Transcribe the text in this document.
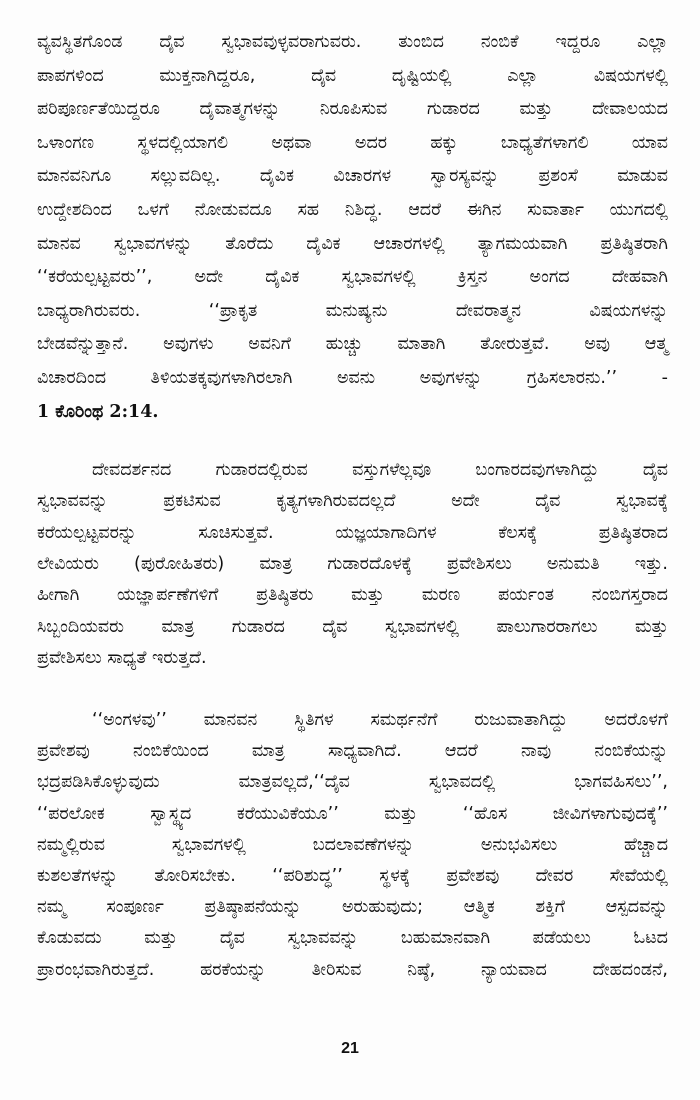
ವ್ಯವಸ್ಥಿತಗೊಂಡ ದೈವ ಸ್ವಭಾವವುಳ್ಳವರಾಗುವರು. ತುಂಬಿದ ನಂಬಿಕೆ ಇದ್ದರೂ ಎಲ್ಲಾ
ಪಾಪಗಳಿಂದ ಮುಕ್ತನಾಗಿದ್ದರೂ, ದೈವ ದೃಷ್ಟಿಯಲ್ಲಿ ಎಲ್ಲಾ ವಿಷಯಗಳಲ್ಲಿ
ಪರಿಪೂರ್ಣತೆಯಿದ್ದರೂ ದೈವಾತ್ಮಗಳನ್ನು ನಿರೂಪಿಸುವ ಗುಡಾರದ ಮತ್ತು ದೇವಾಲಯದ
ಒಳಾಂಗಣ ಸ್ಥಳದಲ್ಲಿಯಾಗಲಿ ಅಥವಾ ಅದರ ಹಕ್ಕು ಬಾಧ್ಯತೆಗಳಾಗಲಿ ಯಾವ
ಮಾನವನಿಗೂ ಸಲ್ಲುವದಿಲ್ಲ. ದೈವಿಕ ವಿಚಾರಗಳ ಸ್ವಾರಸ್ಯವನ್ನು ಪ್ರಶಂಸೆ ಮಾಡುವ
ಉದ್ದೇಶದಿಂದ ಒಳಗೆ ನೋಡುವದೂ ಸಹ ನಿಶಿದ್ಧ. ಆದರೆ ಈಗಿನ ಸುವಾರ್ತಾ ಯುಗದಲ್ಲಿ
ಮಾನವ ಸ್ವಭಾವಗಳನ್ನು ತೊರೆದು ದೈವಿಕ ಆಚಾರಗಳಲ್ಲಿ ತ್ಯಾಗಮಯವಾಗಿ ಪ್ರತಿಷ್ಠಿತರಾಗಿ
‘‘ಕರೆಯಲ್ಪಟ್ಟವರು’’, ಅದೇ ದೈವಿಕ ಸ್ವಭಾವಗಳಲ್ಲಿ ಕ್ರಿಸ್ತನ ಅಂಗದ ದೇಹವಾಗಿ
ಬಾಧ್ಯರಾಗಿರುವರು. ‘‘ಪ್ರಾಕೃತ ಮನುಷ್ಯನು ದೇವರಾತ್ಮನ ವಿಷಯಗಳನ್ನು
ಬೇಡವೆನ್ನುತ್ತಾನೆ. ಅವುಗಳು ಅವನಿಗೆ ಹುಚ್ಚು ಮಾತಾಗಿ ತೋರುತ್ತವೆ. ಅವು ಆತ್ಮ
ವಿಚಾರದಿಂದ ತಿಳಿಯತಕ್ಕವುಗಳಾಗಿರಲಾಗಿ ಅವನು ಅವುಗಳನ್ನು ಗ್ರಹಿಸಲಾರನು.’’ -
1 ಕೊರಿಂಥ 2:14.
ದೇವದರ್ಶನದ ಗುಡಾರದಲ್ಲಿರುವ ವಸ್ತುಗಳೆಲ್ಲವೂ ಬಂಗಾರದವುಗಳಾಗಿದ್ದು ದೈವ
ಸ್ವಭಾವವನ್ನು ಪ್ರಕಟಿಸುವ ಕೃತ್ಯಗಳಾಗಿರುವದಲ್ಲದೆ ಅದೇ ದೈವ ಸ್ವಭಾವಕ್ಕೆ
ಕರೆಯಲ್ಪಟ್ಟವರನ್ನು ಸೂಚಿಸುತ್ತವೆ. ಯಜ್ಞಯಾಗಾದಿಗಳ ಕೆಲಸಕ್ಕೆ ಪ್ರತಿಷ್ಠಿತರಾದ
ಲೇವಿಯರು (ಪುರೋಹಿತರು) ಮಾತ್ರ ಗುಡಾರದೊಳಕ್ಕೆ ಪ್ರವೇಶಿಸಲು ಅನುಮತಿ ಇತ್ತು.
ಹೀಗಾಗಿ ಯಜ್ಞಾರ್ಪಣೆಗಳಿಗೆ ಪ್ರತಿಷ್ಠಿತರು ಮತ್ತು ಮರಣ ಪರ್ಯಂತ ನಂಬಿಗಸ್ತರಾದ
ಸಿಬ್ಬಂದಿಯವರು ಮಾತ್ರ ಗುಡಾರದ ದೈವ ಸ್ವಭಾವಗಳಲ್ಲಿ ಪಾಲುಗಾರರಾಗಲು ಮತ್ತು
ಪ್ರವೇಶಿಸಲು ಸಾಧ್ಯತೆ ಇರುತ್ತದೆ.
‘‘ಅಂಗಳವು’’ ಮಾನವನ ಸ್ಥಿತಿಗಳ ಸಮರ್ಥನೆಗೆ ರುಜುವಾತಾಗಿದ್ದು ಅದರೊಳಗೆ
ಪ್ರವೇಶವು ನಂಬಿಕೆಯಿಂದ ಮಾತ್ರ ಸಾಧ್ಯವಾಗಿದೆ. ಆದರೆ ನಾವು ನಂಬಿಕೆಯನ್ನು
ಭದ್ರಪಡಿಸಿಕೊಳ್ಳುವುದು ಮಾತ್ರವಲ್ಲದೆ,‘‘ದೈವ ಸ್ವಭಾವದಲ್ಲಿ ಭಾಗವಹಿಸಲು’’,
‘‘ಪರಲೋಕ ಸ್ವಾಸ್ಥ್ಯದ ಕರೆಯುವಿಕೆಯೂ’’ ಮತ್ತು ‘‘ಹೊಸ ಜೀವಿಗಳಾಗುವುದಕ್ಕೆ’’
ನಮ್ಮಲ್ಲಿರುವ ಸ್ವಭಾವಗಳಲ್ಲಿ ಬದಲಾವಣೆಗಳನ್ನು ಅನುಭವಿಸಲು ಹೆಚ್ಚಾದ
ಕುಶಲತೆಗಳನ್ನು ತೋರಿಸಬೇಕು. ‘‘ಪರಿಶುದ್ಧ’’ ಸ್ಥಳಕ್ಕೆ ಪ್ರವೇಶವು ದೇವರ ಸೇವೆಯಲ್ಲಿ
ನಮ್ಮ ಸಂಪೂರ್ಣ ಪ್ರತಿಷ್ಠಾಪನೆಯನ್ನು ಅರುಹುವುದು; ಆತ್ಮಿಕ ಶಕ್ತಿಗೆ ಆಸ್ಪದವನ್ನು
ಕೊಡುವದು ಮತ್ತು ದೈವ ಸ್ವಭಾವವನ್ನು ಬಹುಮಾನವಾಗಿ ಪಡೆಯಲು ಓಟದ
ಪ್ರಾರಂಭವಾಗಿರುತ್ತದೆ. ಹರಕೆಯನ್ನು ತೀರಿಸುವ ನಿಷ್ಠೆ, ನ್ಯಾಯವಾದ ದೇಹದಂಡನೆ,
21
